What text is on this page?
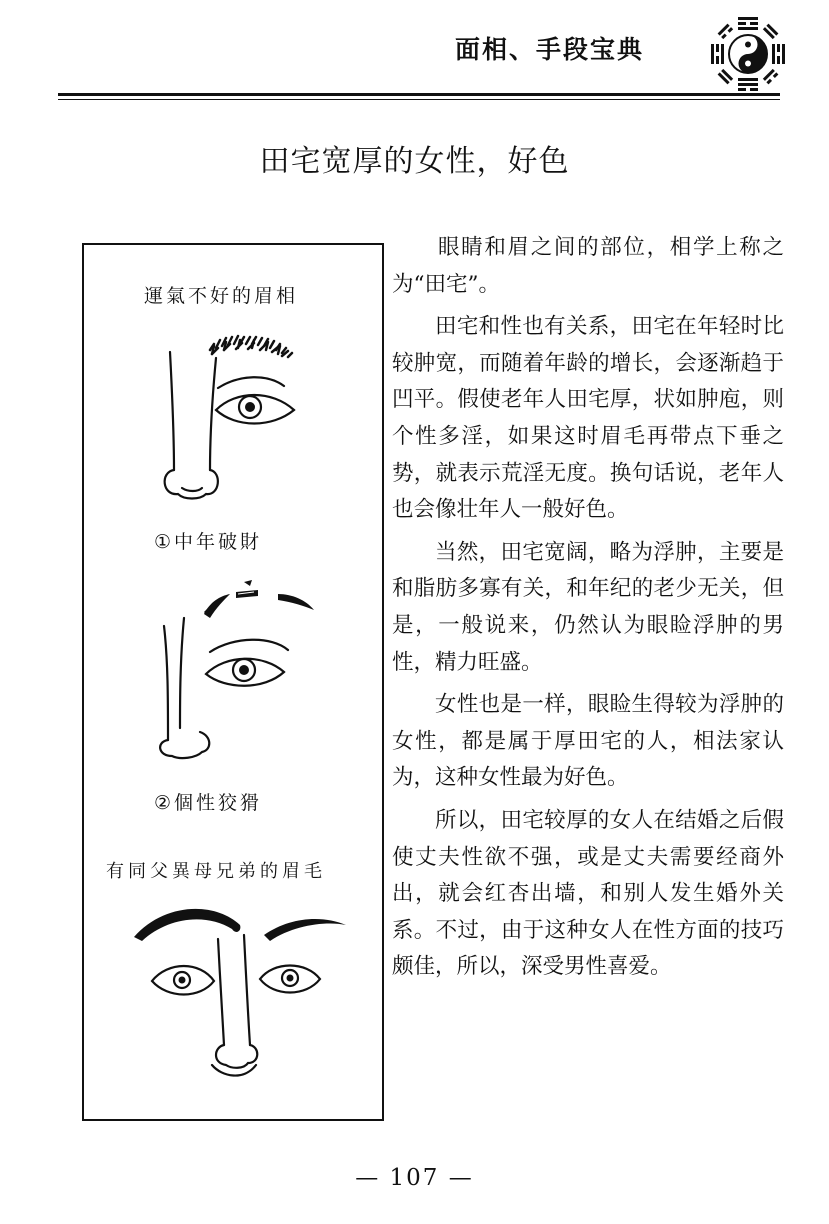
面相、手段宝典
田宅宽厚的女性，好色
運氣不好的眉相
①中年破財
②個性狡猾
有同父異母兄弟的眉毛

眼睛和眉之间的部位，相学上称之为“田宅”。

田宅和性也有关系，田宅在年轻时比较肿宽，而随着年龄的增长，会逐渐趋于凹平。假使老年人田宅厚，状如肿庖，则个性多淫，如果这时眉毛再带点下垂之势，就表示荒淫无度。换句话说，老年人也会像壮年人一般好色。

当然，田宅宽阔，略为浮肿，主要是和脂肪多寡有关，和年纪的老少无关，但是，一般说来，仍然认为眼睑浮肿的男性，精力旺盛。

女性也是一样，眼睑生得较为浮肿的女性，都是属于厚田宅的人，相法家认为，这种女性最为好色。

所以，田宅较厚的女人在结婚之后假使丈夫性欲不强，或是丈夫需要经商外出，就会红杏出墙，和别人发生婚外关系。不过，由于这种女人在性方面的技巧颇佳，所以，深受男性喜爱。

— 107 —
